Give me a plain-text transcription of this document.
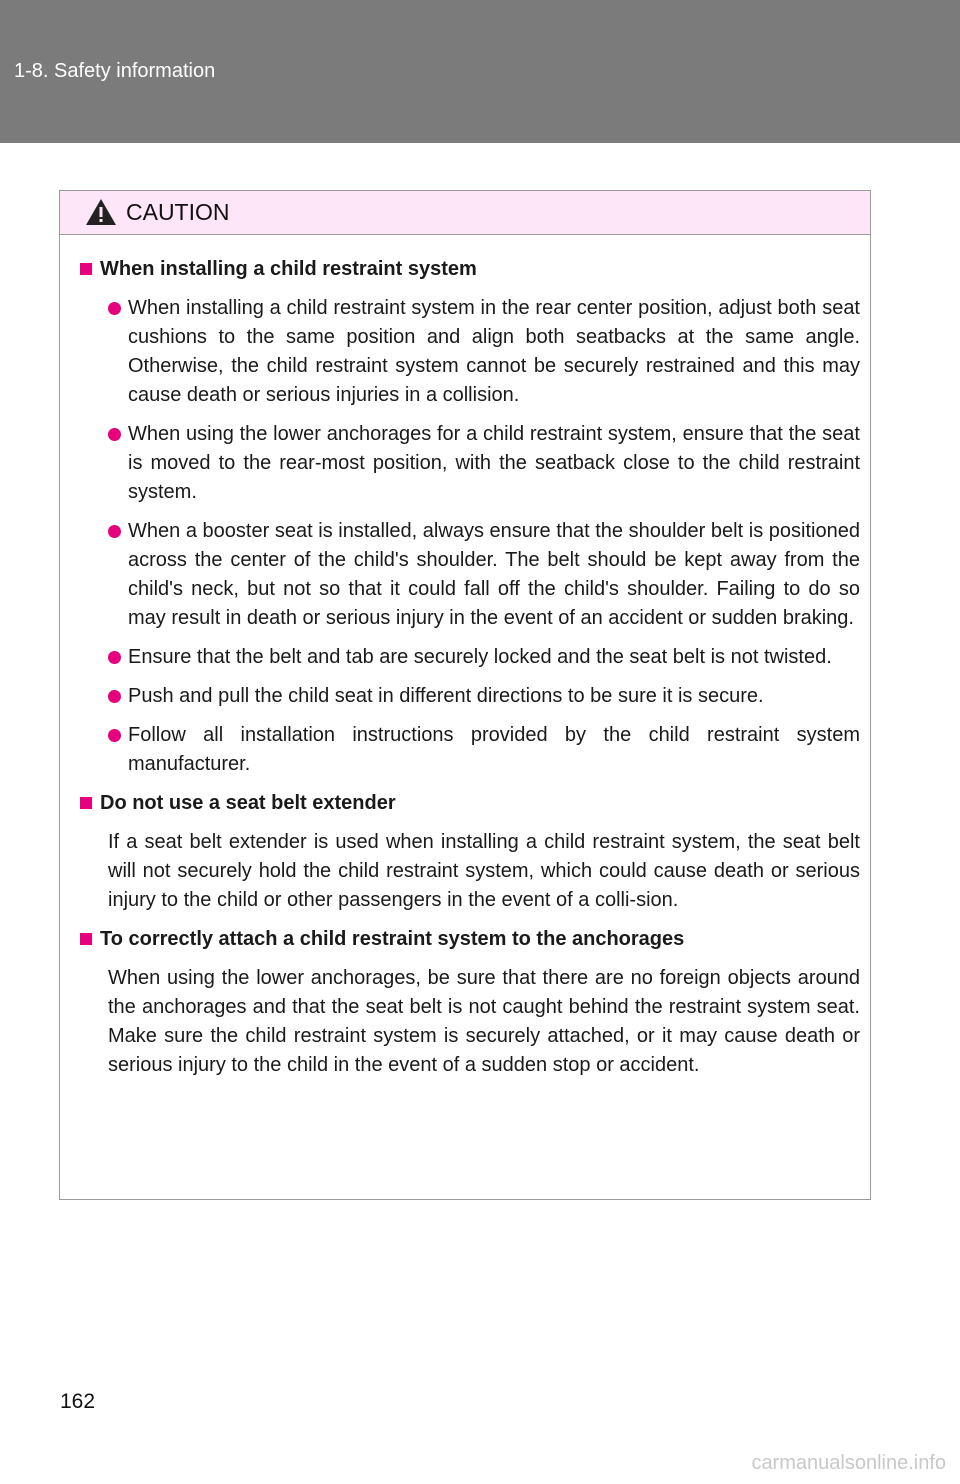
1-8. Safety information
CAUTION
When installing a child restraint system
When installing a child restraint system in the rear center position, adjust both seat cushions to the same position and align both seatbacks at the same angle. Otherwise, the child restraint system cannot be securely restrained and this may cause death or serious injuries in a collision.
When using the lower anchorages for a child restraint system, ensure that the seat is moved to the rear-most position, with the seatback close to the child restraint system.
When a booster seat is installed, always ensure that the shoulder belt is positioned across the center of the child's shoulder. The belt should be kept away from the child's neck, but not so that it could fall off the child's shoulder. Failing to do so may result in death or serious injury in the event of an accident or sudden braking.
Ensure that the belt and tab are securely locked and the seat belt is not twisted.
Push and pull the child seat in different directions to be sure it is secure.
Follow all installation instructions provided by the child restraint system manufacturer.
Do not use a seat belt extender
If a seat belt extender is used when installing a child restraint system, the seat belt will not securely hold the child restraint system, which could cause death or serious injury to the child or other passengers in the event of a colli-sion.
To correctly attach a child restraint system to the anchorages
When using the lower anchorages, be sure that there are no foreign objects around the anchorages and that the seat belt is not caught behind the restraint system seat. Make sure the child restraint system is securely attached, or it may cause death or serious injury to the child in the event of a sudden stop or accident.
162
carmanualsonline.info
